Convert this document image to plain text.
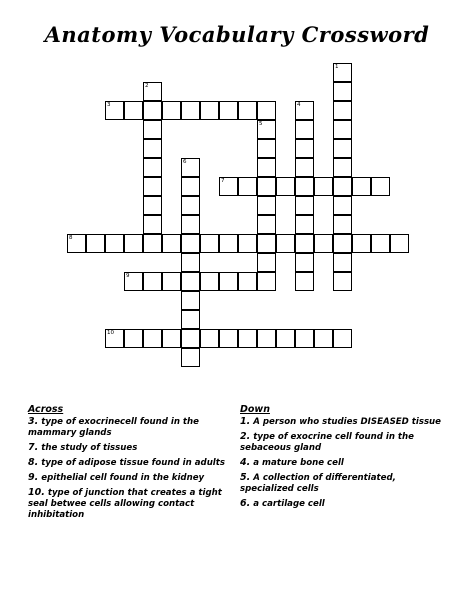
Anatomy Vocabulary Crossword
1
2
3	4
5
6
7
8
9
10
Across
3. type of exocrinecell found in the mammary glands
7. the study of tissues
8. type of adipose tissue found in adults
9. epithelial cell found in the kidney
10. type of junction that creates a tight seal betwee cells allowing contact inhibitation
Down
1. A person who studies DISEASED tissue
2. type of exocrine cell found in the sebaceous gland
4. a mature bone cell
5. A collection of differentiated, specialized cells
6. a cartilage cell
